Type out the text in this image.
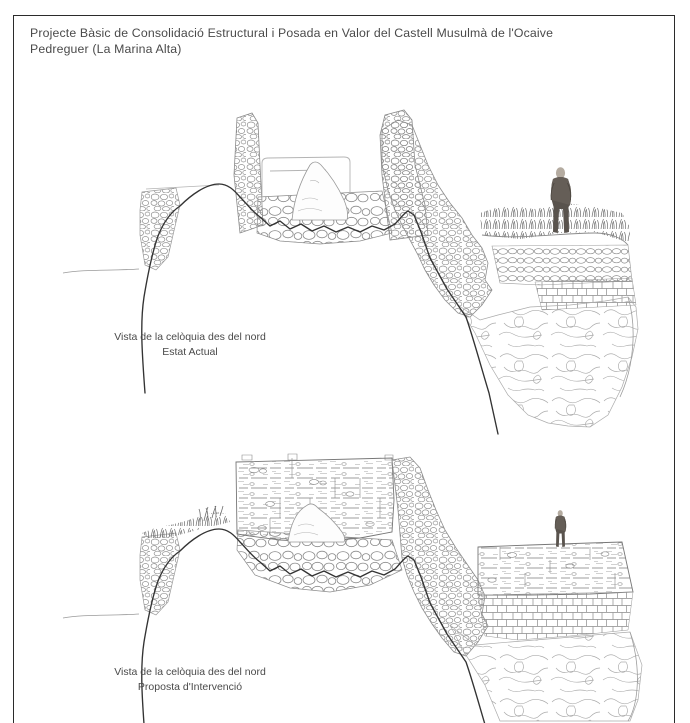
Projecte Bàsic de Consolidació Estructural i Posada en Valor del Castell Musulmà de l'Ocaive
Pedreguer (La Marina Alta)
Vista de la celòquia des del nord
Estat Actual
Vista de la celòquia des del nord
Proposta d'Intervenció
